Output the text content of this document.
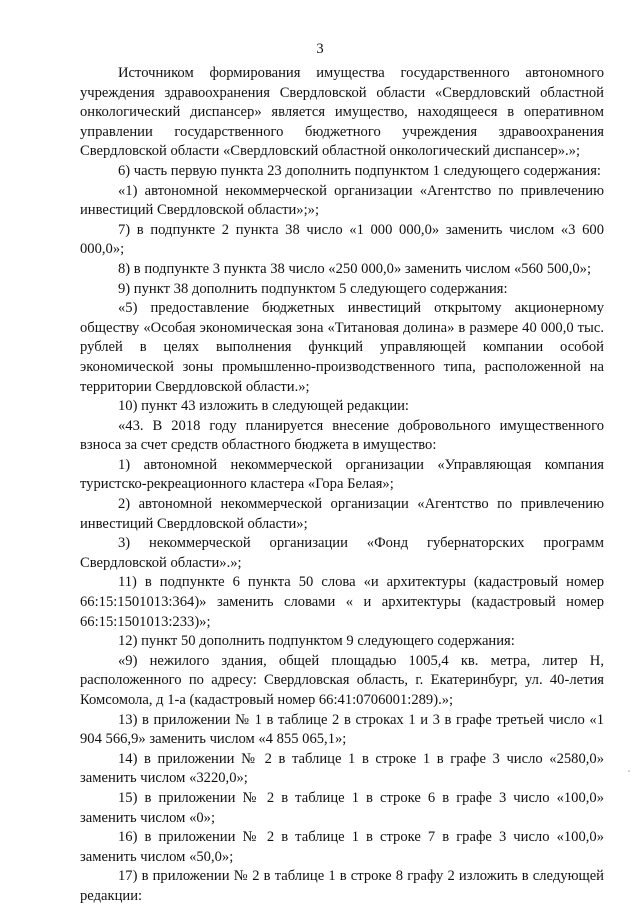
3

Источником формирования имущества государственного автономного учреждения здравоохранения Свердловской области «Свердловский областной онкологический диспансер» является имущество, находящееся в оперативном управлении государственного бюджетного учреждения здравоохранения Свердловской области «Свердловский областной онкологический диспансер».»;

6) часть первую пункта 23 дополнить подпунктом 1 следующего содержания:

«1) автономной некоммерческой организации «Агентство по привлечению инвестиций Свердловской области»;»;

7) в подпункте 2 пункта 38 число «1 000 000,0» заменить числом «3 600 000,0»;

8) в подпункте 3 пункта 38 число «250 000,0» заменить числом «560 500,0»;

9) пункт 38 дополнить подпунктом 5 следующего содержания:

«5) предоставление бюджетных инвестиций открытому акционерному обществу «Особая экономическая зона «Титановая долина» в размере 40 000,0 тыс. рублей в целях выполнения функций управляющей компании особой экономической зоны промышленно-производственного типа, расположенной на территории Свердловской области.»;

10) пункт 43 изложить в следующей редакции:

«43. В 2018 году планируется внесение добровольного имущественного взноса за счет средств областного бюджета в имущество:

1) автономной некоммерческой организации «Управляющая компания туристско-рекреационного кластера «Гора Белая»;

2) автономной некоммерческой организации «Агентство по привлечению инвестиций Свердловской области»;

3) некоммерческой организации «Фонд губернаторских программ Свердловской области».»;

11) в подпункте 6 пункта 50 слова «и архитектуры (кадастровый номер 66:15:1501013:364)» заменить словами « и архитектуры (кадастровый номер 66:15:1501013:233)»;

12) пункт 50 дополнить подпунктом 9 следующего содержания:

«9) нежилого здания, общей площадью 1005,4 кв. метра, литер Н, расположенного по адресу: Свердловская область, г. Екатеринбург, ул. 40-летия Комсомола, д 1-а (кадастровый номер 66:41:0706001:289).»;

13) в приложении № 1 в таблице 2 в строках 1 и 3 в графе третьей число «1 904 566,9» заменить числом «4 855 065,1»;

14) в приложении № 2 в таблице 1 в строке 1 в графе 3 число «2580,0» заменить числом «3220,0»;

15) в приложении № 2 в таблице 1 в строке 6 в графе 3 число «100,0» заменить числом «0»;

16) в приложении № 2 в таблице 1 в строке 7 в графе 3 число «100,0» заменить числом «50,0»;

17) в приложении № 2 в таблице 1 в строке 8 графу 2 изложить в следующей редакции:
